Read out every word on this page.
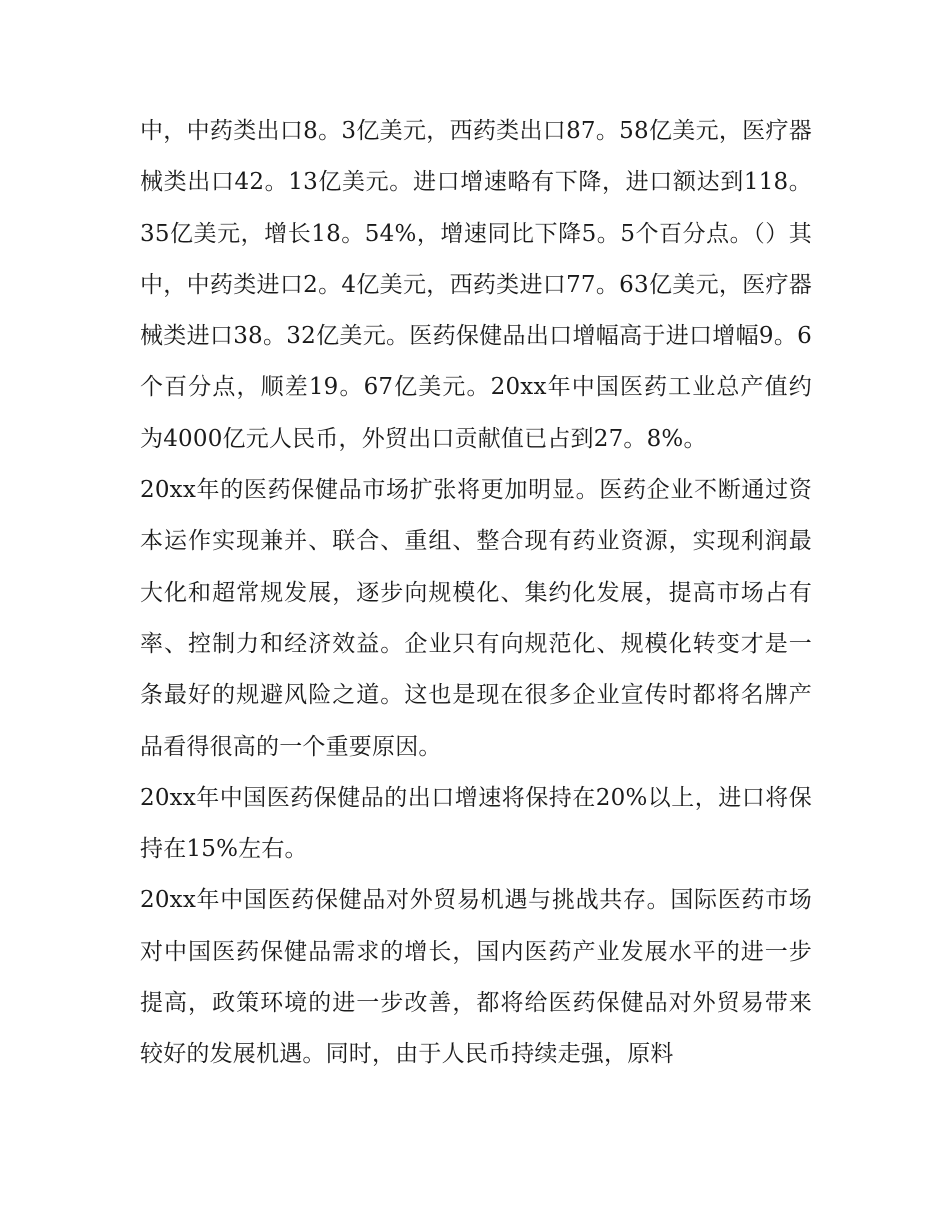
中，中药类出口8。3亿美元，西药类出口87。58亿美元，医疗器械类出口42。13亿美元。进口增速略有下降，进口额达到118。35亿美元，增长18。54%，增速同比下降5。5个百分点。（）其中，中药类进口2。4亿美元，西药类进口77。63亿美元，医疗器械类进口38。32亿美元。医药保健品出口增幅高于进口增幅9。6个百分点，顺差19。67亿美元。20xx年中国医药工业总产值约为4000亿元人民币，外贸出口贡献值已占到27。8%。

20xx年的医药保健品市场扩张将更加明显。医药企业不断通过资本运作实现兼并、联合、重组、整合现有药业资源，实现利润最大化和超常规发展，逐步向规模化、集约化发展，提高市场占有率、控制力和经济效益。企业只有向规范化、规模化转变才是一条最好的规避风险之道。这也是现在很多企业宣传时都将名牌产品看得很高的一个重要原因。

20xx年中国医药保健品的出口增速将保持在20%以上，进口将保持在15%左右。

20xx年中国医药保健品对外贸易机遇与挑战共存。国际医药市场对中国医药保健品需求的增长，国内医药产业发展水平的进一步提高，政策环境的进一步改善，都将给医药保健品对外贸易带来较好的发展机遇。同时，由于人民币持续走强，原料
